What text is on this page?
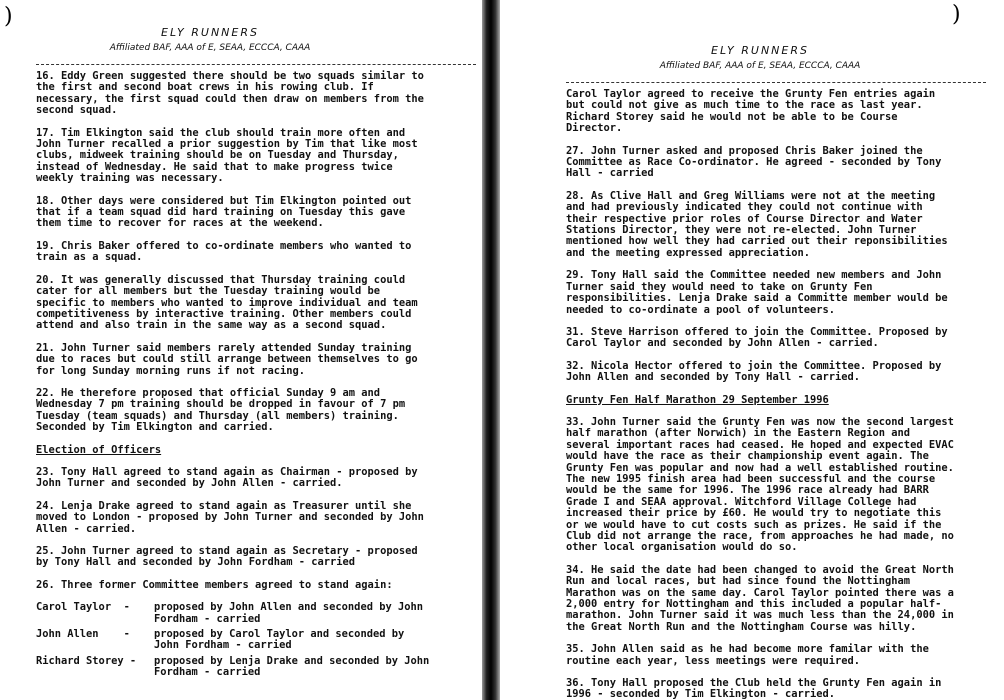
ELY RUNNERS
Affiliated BAF, AAA of E, SEAA, ECCCA, CAAA
16. Eddy Green suggested there should be two squads similar to
the first and second boat crews in his rowing club. If
necessary, the first squad could then draw on members from the
second squad.
17. Tim Elkington said the club should train more often and
John Turner recalled a prior suggestion by Tim that like most
clubs, midweek training should be on Tuesday and Thursday,
instead of Wednesday. He said that to make progress twice
weekly training was necessary.
18. Other days were considered but Tim Elkington pointed out
that if a team squad did hard training on Tuesday this gave
them time to recover for races at the weekend.
19. Chris Baker offered to co-ordinate members who wanted to
train as a squad.
20. It was generally discussed that Thursday training could
cater for all members but the Tuesday training would be
specific to members who wanted to improve individual and team
competitiveness by interactive training. Other members could
attend and also train in the same way as a second squad.
21. John Turner said members rarely attended Sunday training
due to races but could still arrange between themselves to go
for long Sunday morning runs if not racing.
22. He therefore proposed that official Sunday 9 am and
Wednesday 7 pm training should be dropped in favour of 7 pm
Tuesday (team squads) and Thursday (all members) training.
Seconded by Tim Elkington and carried.
Election of Officers
23. Tony Hall agreed to stand again as Chairman - proposed by
John Turner and seconded by John Allen - carried.
24. Lenja Drake agreed to stand again as Treasurer until she
moved to London - proposed by John Turner and seconded by John
Allen - carried.
25. John Turner agreed to stand again as Secretary - proposed
by Tony Hall and seconded by John Fordham - carried
26. Three former Committee members agreed to stand again:
Carol Taylor  -	proposed by John Allen and seconded by John
Fordham - carried
John Allen    -	proposed by Carol Taylor and seconded by
John Fordham - carried
Richard Storey -	proposed by Lenja Drake and seconded by John
Fordham - carried
)
ELY RUNNERS
Affiliated BAF, AAA of E, SEAA, ECCCA, CAAA
Carol Taylor agreed to receive the Grunty Fen entries again
but could not give as much time to the race as last year.
Richard Storey said he would not be able to be Course
Director.
27. John Turner asked and proposed Chris Baker joined the
Committee as Race Co-ordinator. He agreed - seconded by Tony
Hall - carried
28. As Clive Hall and Greg Williams were not at the meeting
and had previously indicated they could not continue with
their respective prior roles of Course Director and Water
Stations Director, they were not re-elected. John Turner
mentioned how well they had carried out their reponsibilities
and the meeting expressed appreciation.
29. Tony Hall said the Committee needed new members and John
Turner said they would need to take on Grunty Fen
responsibilities. Lenja Drake said a Committe member would be
needed to co-ordinate a pool of volunteers.
31. Steve Harrison offered to join the Committee. Proposed by
Carol Taylor and seconded by John Allen - carried.
32. Nicola Hector offered to join the Committee. Proposed by
John Allen and seconded by Tony Hall - carried.
Grunty Fen Half Marathon 29 September 1996
33. John Turner said the Grunty Fen was now the second largest
half marathon (after Norwich) in the Eastern Region and
several important races had ceased. He hoped and expected EVAC
would have the race as their championship event again. The
Grunty Fen was popular and now had a well established routine.
The new 1995 finish area had been successful and the course
would be the same for 1996. The 1996 race already had BARR
Grade I and SEAA approval. Witchford Village College had
increased their price by £60. He would try to negotiate this
or we would have to cut costs such as prizes. He said if the
Club did not arrange the race, from approaches he had made, no
other local organisation would do so.
34. He said the date had been changed to avoid the Great North
Run and local races, but had since found the Nottingham
Marathon was on the same day. Carol Taylor pointed there was a
2,000 entry for Nottingham and this included a popular half-
marathon. John Turner said it was much less than the 24,000 in
the Great North Run and the Nottingham Course was hilly.
35. John Allen said as he had become more familar with the
routine each year, less meetings were required.
36. Tony Hall proposed the Club held the Grunty Fen again in
1996 - seconded by Tim Elkington - carried.
)
